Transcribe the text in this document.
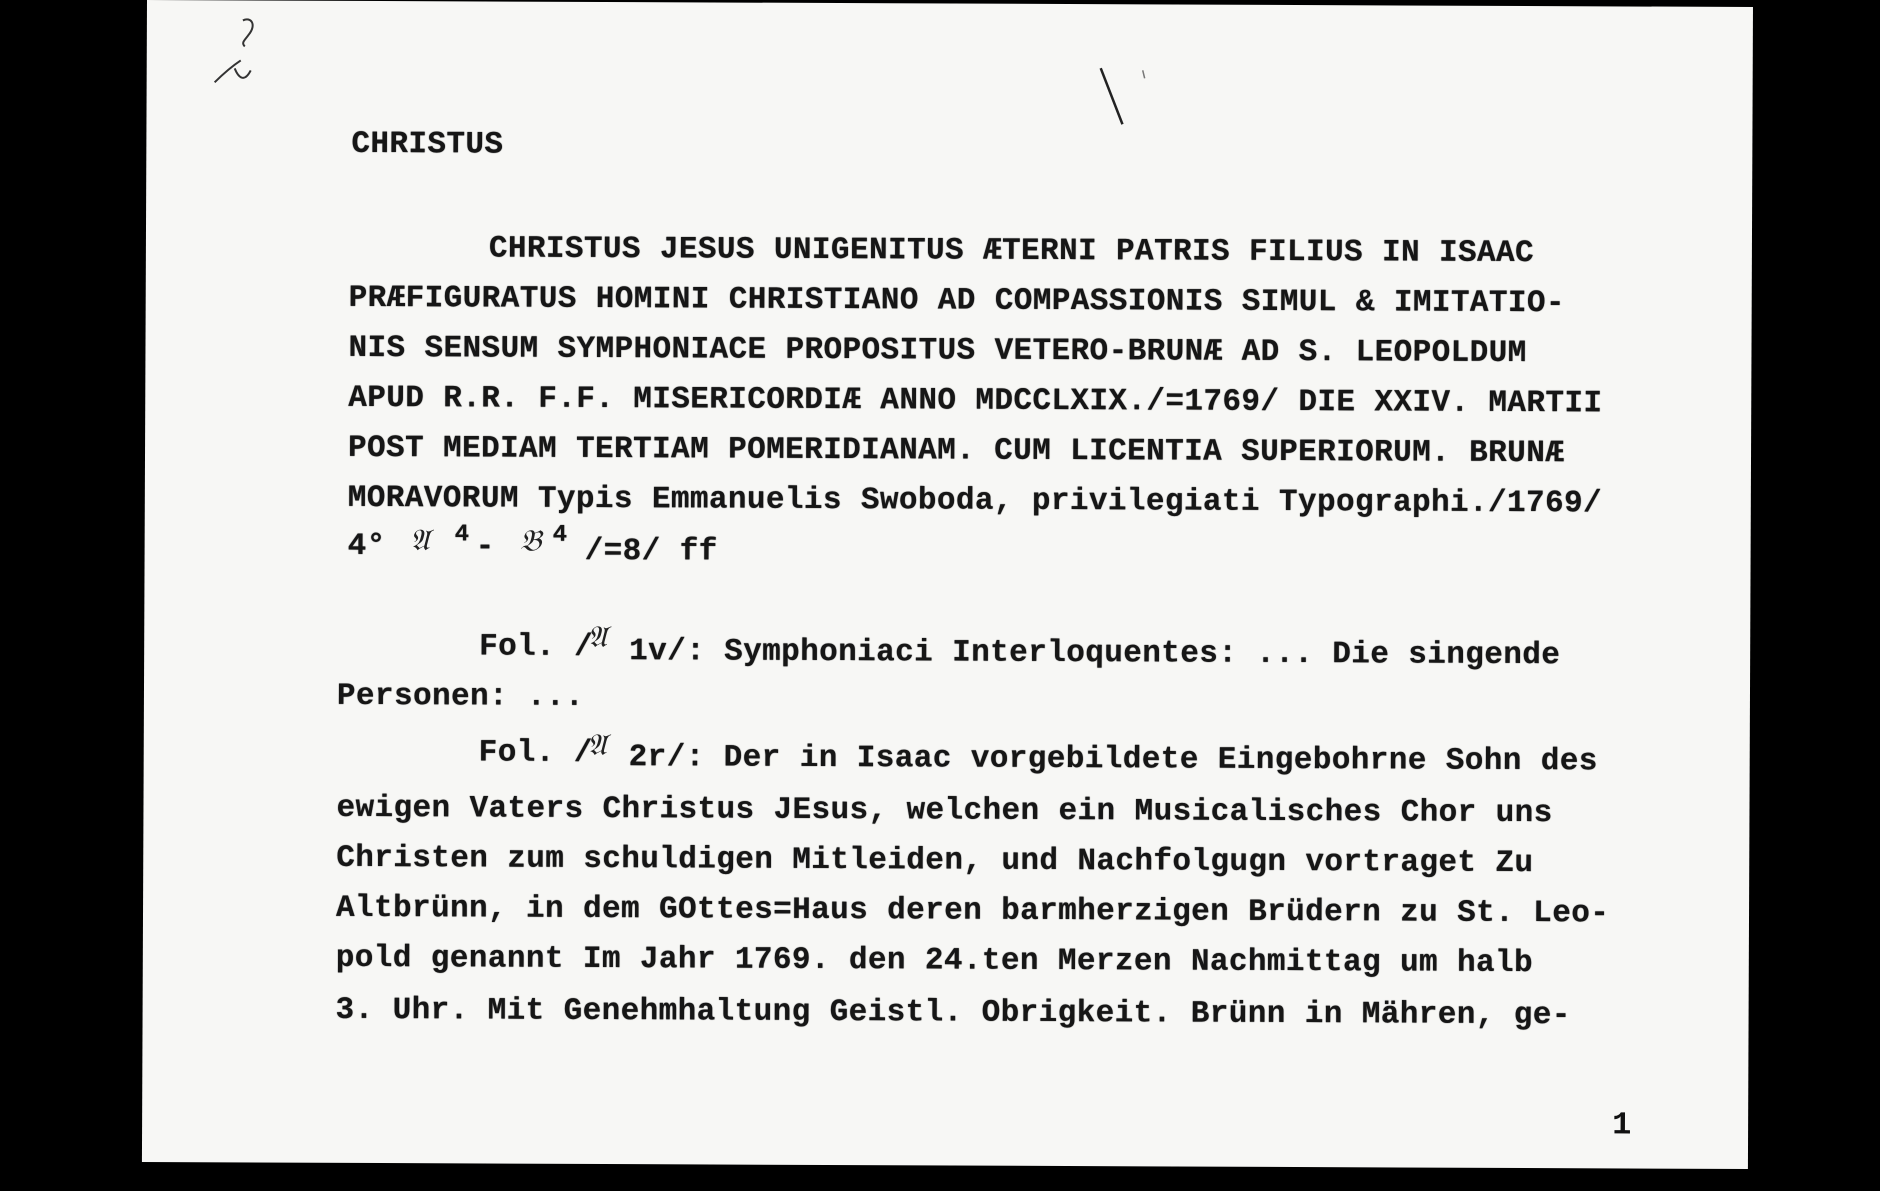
CHRISTUS
CHRISTUS JESUS UNIGENITUS ÆTERNI PATRIS FILIUS IN ISAAC
PRÆFIGURATUS HOMINI CHRISTIANO AD COMPASSIONIS SIMUL & IMITATIO-
NIS SENSUM SYMPHONIACE PROPOSITUS VETERO-BRUNÆ AD S. LEOPOLDUM
APUD R.R. F.F. MISERICORDIÆ ANNO MDCCLXIX./=1769/ DIE XXIV. MARTII
POST MEDIAM TERTIAM POMERIDIANAM. CUM LICENTIA SUPERIORUM. BRUNÆ
MORAVORUM Typis Emmanuelis Swoboda, privilegiati Typographi./1769/
4° 𝔄 4 - 𝔅 4 /=8/ ff
Fol. /
𝔄 1v/: Symphoniaci Interloquentes: ... Die singende
Personen: ...
Fol. /
𝔄 2r/: Der in Isaac vorgebildete Eingebohrne Sohn des
ewigen Vaters Christus JEsus, welchen ein Musicalisches Chor uns
Christen zum schuldigen Mitleiden, und Nachfolgugn vortraget Zu
Altbrünn, in dem GOttes=Haus deren barmherzigen Brüdern zu St. Leo-
pold genannt Im Jahr 1769. den 24.ten Merzen Nachmittag um halb
3. Uhr. Mit Genehmhaltung Geistl. Obrigkeit. Brünn in Mähren, ge-
1
